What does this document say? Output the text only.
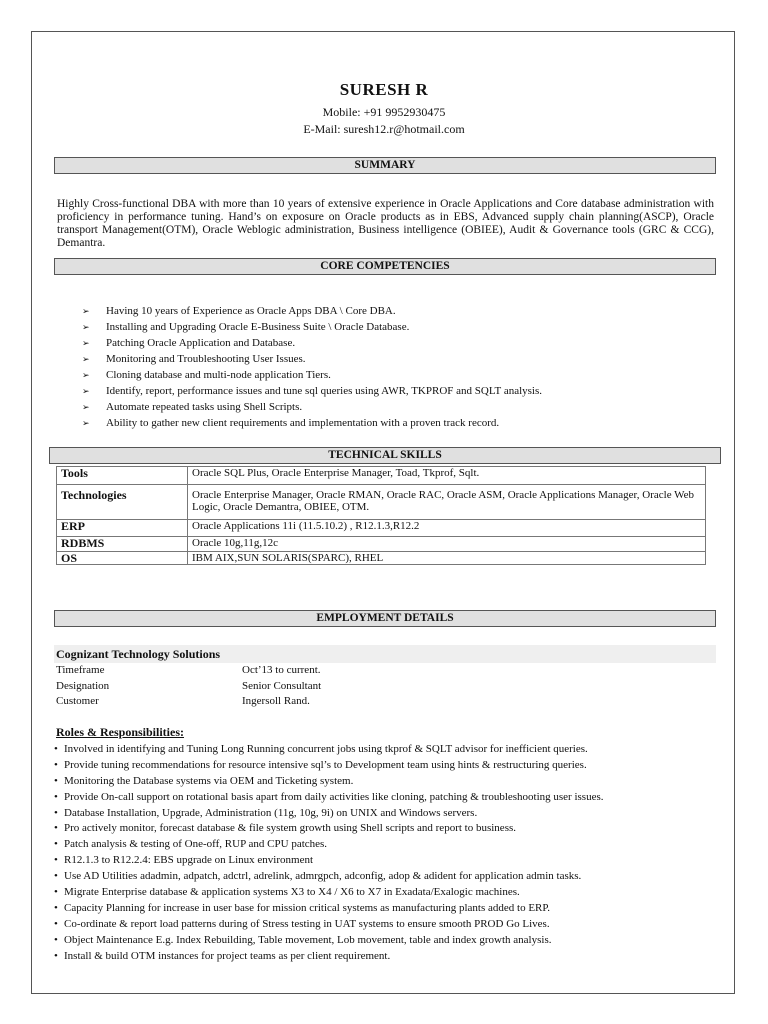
SURESH R
Mobile: +91 9952930475
E-Mail: suresh12.r@hotmail.com
SUMMARY
Highly Cross-functional DBA with more than 10 years of extensive experience in Oracle Applications and Core database administration with proficiency in performance tuning. Hand’s on exposure on Oracle products as in EBS, Advanced supply chain planning(ASCP), Oracle transport Management(OTM), Oracle Weblogic administration, Business intelligence (OBIEE), Audit & Governance tools (GRC & CCG), Demantra.
CORE COMPETENCIES
➢ Having 10 years of Experience as Oracle Apps DBA \ Core DBA.
➢ Installing and Upgrading Oracle E-Business Suite \ Oracle Database.
➢ Patching Oracle Application and Database.
➢ Monitoring and Troubleshooting User Issues.
➢ Cloning database and multi-node application Tiers.
➢ Identify, report, performance issues and tune sql queries using AWR, TKPROF and SQLT analysis.
➢ Automate repeated tasks using Shell Scripts.
➢ Ability to gather new client requirements and implementation with a proven track record.
TECHNICAL SKILLS
Tools	Oracle SQL Plus, Oracle Enterprise Manager, Toad, Tkprof, Sqlt.
Technologies	Oracle Enterprise Manager, Oracle RMAN, Oracle RAC, Oracle ASM, Oracle Applications Manager, Oracle Web Logic, Oracle Demantra, OBIEE, OTM.
ERP	Oracle Applications 11i (11.5.10.2) , R12.1.3,R12.2
RDBMS	Oracle 10g,11g,12c
OS	IBM AIX,SUN SOLARIS(SPARC), RHEL
EMPLOYMENT DETAILS
Cognizant Technology Solutions
Timeframe	Oct’13 to current.
Designation	Senior Consultant
Customer	Ingersoll Rand.
Roles & Responsibilities:
• Involved in identifying and Tuning Long Running concurrent jobs using tkprof & SQLT advisor for inefficient queries.
• Provide tuning recommendations for resource intensive sql’s to Development team using hints & restructuring queries.
• Monitoring the Database systems via OEM and Ticketing system.
• Provide On-call support on rotational basis apart from daily activities like cloning, patching & troubleshooting user issues.
• Database Installation, Upgrade, Administration (11g, 10g, 9i) on UNIX and Windows servers.
• Pro actively monitor, forecast database & file system growth using Shell scripts and report to business.
• Patch analysis & testing of One-off, RUP and CPU patches.
• R12.1.3 to R12.2.4: EBS upgrade on Linux environment
• Use AD Utilities adadmin, adpatch, adctrl, adrelink, admrgpch, adconfig, adop & adident for application admin tasks.
• Migrate Enterprise database & application systems X3 to X4 / X6 to X7 in Exadata/Exalogic machines.
• Capacity Planning for increase in user base for mission critical systems as manufacturing plants added to ERP.
• Co-ordinate & report load patterns during of Stress testing in UAT systems to ensure smooth PROD Go Lives.
• Object Maintenance E.g. Index Rebuilding, Table movement, Lob movement, table and index growth analysis.
• Install & build OTM instances for project teams as per client requirement.
